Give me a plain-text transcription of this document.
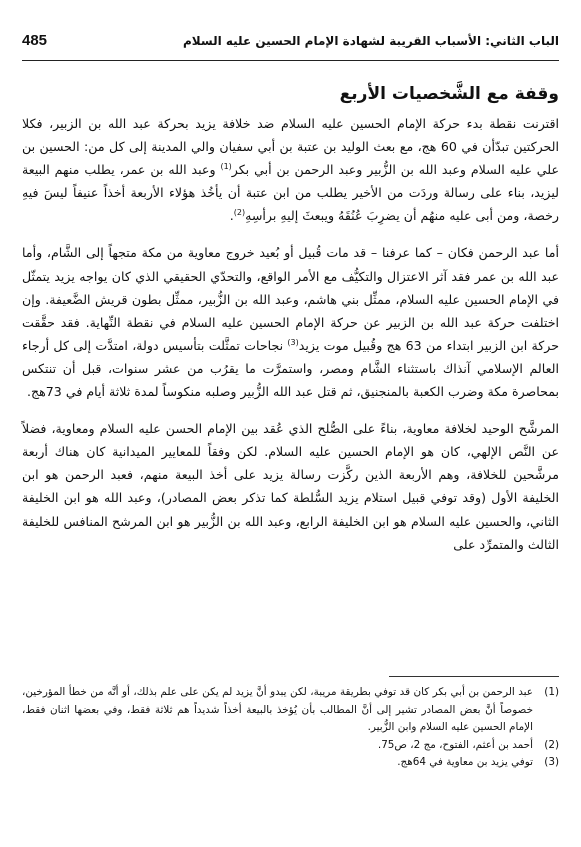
485	الباب الثاني: الأسباب القريبة لشهادة الإمام الحسين عليه السلام
وقفة مع الشَّخصيات الأربع

اقترنت نقطة بدء حركة الإمام الحسين عليه السلام ضد خلافة يزيد بحركة عبد الله بن الزبير، فكلا الحركتين تبدّأن في 60 هج، مع بعث الوليد بن عتبة بن أبي سفيان والي المدينة إلى كل من: الحسين بن علي عليه السلام وعبد الله بن الزُّبير وعبد الرحمن بن أبي بكر$^{(1)}$ وعبد الله بن عمر، يطلب منهم البيعة ليزيد، بناء على رسالة وردَت من الأخير يطلب من ابن عتبة أن يأخُذ هؤلاء الأربعة أخذاً عنيفاً ليسَ فيهِ رخصة، ومن أبى عليه منهُم أن يضرِبَ عُنُقَهُ ويبعثَ إليهِ برأسِهِ$^{(2)}$.

أما عبد الرحمن فكان – كما عرفنا – قد مات قُبيل أو بُعيد خروج معاوية من مكة متجهاً إلى الشَّام، وأما عبد الله بن عمر فقد آثر الاعتزال والتكيُّف مع الأمر الواقع، والتحدّي الحقيقي الذي كان يواجه يزيد يتمثّل في الإمام الحسين عليه السلام، ممثِّل بني هاشم، وعبد الله بن الزُّبير، ممثِّل بطون قريش الضَّعيفة. وإن اختلفت حركة عبد الله بن الزبير عن حركة الإمام الحسين عليه السلام في نقطة النِّهاية. فقد حقَّقت حركة ابن الزبير ابتداء من 63 هج وقُبيل موت يزيد$^{(3)}$ نجاحات تمثَّلت بتأسيس دولة، امتدَّت إلى كل أرجاء العالم الإسلامي آنذاك باستثناء الشَّام ومصر، واستمرَّت ما يقرُب من عشر سنوات، قبل أن تنتكس بمحاصرة مكة وضرب الكعبة بالمنجنيق، ثم قتل عبد الله الزُّبير وصلبه منكوساً لمدة ثلاثة أيام في 73هج.

المرشَّح الوحيد لخلافة معاوية، بناءً على الصُّلح الذي عُقد بين الإمام الحسن عليه السلام ومعاوية، فضلاً عن النَّص الإلهي، كان هو الإمام الحسين عليه السلام. لكن وفقاً للمعايير الميدانية كان هناك أربعة مرشَّحين للخلافة، وهم الأربعة الذين ركَّزت رسالة يزيد على أخذ البيعة منهم، فعبد الرحمن هو ابن الخليفة الأول (وقد توفي قبيل استلام يزيد السُّلطة كما تذكر بعض المصادر)، وعبد الله هو ابن الخليفة الثاني، والحسين عليه السلام هو ابن الخليفة الرابع، وعبد الله بن الزُّبير هو ابن المرشح المنافس للخليفة الثالث والمتمرِّد على

(1)
عبد الرحمن بن أبي بكر كان قد توفي بطريقة مريبة، لكن يبدو أنَّ يزيد لم يكن على علم بذلك، أو أنَّه من خطأ المؤرخين، خصوصاً أنَّ بعض المصادر تشير إلى أنَّ المطالب بأن يُؤخذ بالبيعة أخذاً شديداً هم ثلاثة فقط، وفي بعضها اثنان فقط، الإمام الحسين عليه السلام وابن الزُّبير.
(2)
أحمد بن أعثم، الفتوح، مج 2، ص75.
(3)
توفي يزيد بن معاوية في 64هج.
